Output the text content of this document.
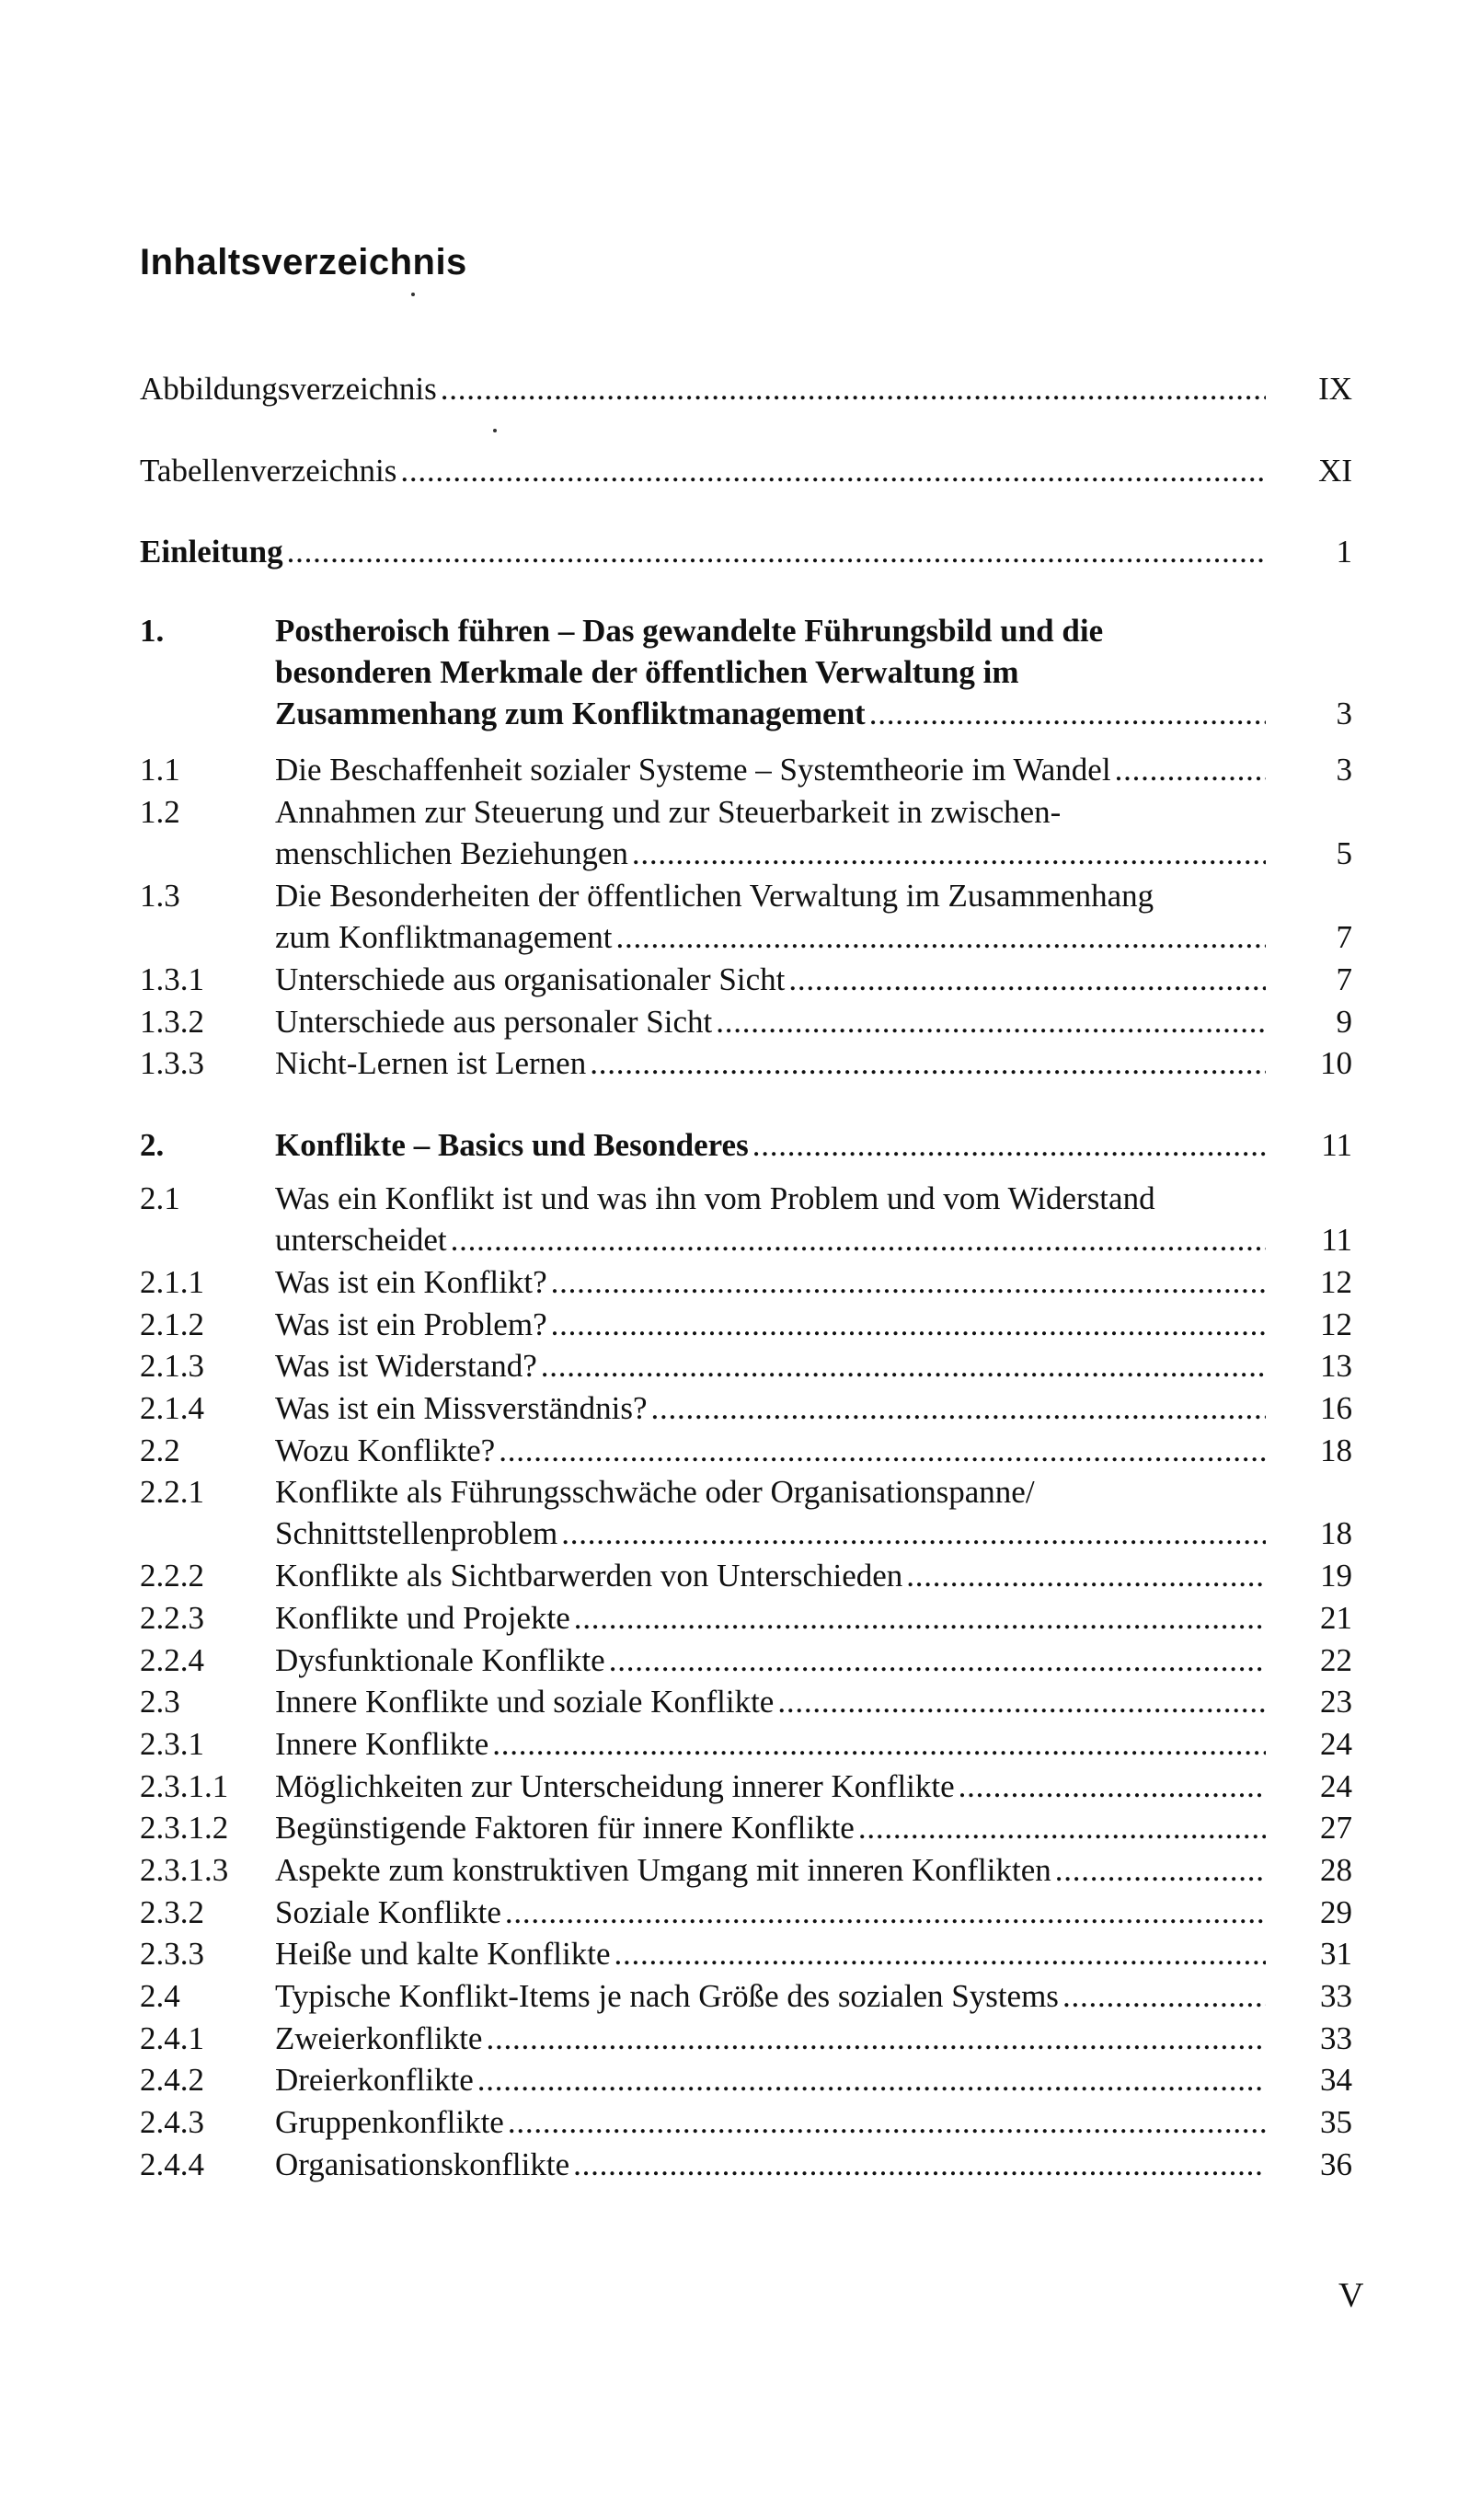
Inhaltsverzeichnis
Abbildungsverzeichnis . . .	IX
Tabellenverzeichnis . . .	XI
Einleitung . . .	1
1.	Postheroisch führen – Das gewandelte Führungsbild und die
besonderen Merkmale der öffentlichen Verwaltung im
Zusammenhang zum Konfliktmanagement . . .	3
1.1	Die Beschaffenheit sozialer Systeme – Systemtheorie im Wandel . . .	3
1.2	Annahmen zur Steuerung und zur Steuerbarkeit in zwischen-
menschlichen Beziehungen . . .	5
1.3	Die Besonderheiten der öffentlichen Verwaltung im Zusammenhang
zum Konfliktmanagement . . .	7
1.3.1 Unterschiede aus organisationaler Sicht . . .	7
1.3.2 Unterschiede aus personaler Sicht . . .	9
1.3.3 Nicht-Lernen ist Lernen . . .	10
2.	Konflikte – Basics und Besonderes . . .	11
2.1	Was ein Konflikt ist und was ihn vom Problem und vom Widerstand
unterscheidet . . .	11
2.1.1 Was ist ein Konflikt? . . .	12
2.1.2 Was ist ein Problem? . . .	12
2.1.3 Was ist Widerstand? . . .	13
2.1.4 Was ist ein Missverständnis? . . .	16
2.2	Wozu Konflikte? . . .	18
2.2.1 Konflikte als Führungsschwäche oder Organisationspanne/
Schnittstellenproblem . . .	18
2.2.2 Konflikte als Sichtbarwerden von Unterschieden . . .	19
2.2.3 Konflikte und Projekte . . .	21
2.2.4 Dysfunktionale Konflikte . . .	22
2.3	Innere Konflikte und soziale Konflikte . . .	23
2.3.1 Innere Konflikte . . .	24
2.3.1.1 Möglichkeiten zur Unterscheidung innerer Konflikte . . .	24
2.3.1.2 Begünstigende Faktoren für innere Konflikte . . .	27
2.3.1.3 Aspekte zum konstruktiven Umgang mit inneren Konflikten . . .	28
2.3.2 Soziale Konflikte . . .	29
2.3.3 Heiße und kalte Konflikte . . .	31
2.4	Typische Konflikt-Items je nach Größe des sozialen Systems . . .	33
2.4.1 Zweierkonflikte . . .	33
2.4.2 Dreierkonflikte . . .	34
2.4.3 Gruppenkonflikte . . .	35
2.4.4 Organisationskonflikte . . .	36
V
